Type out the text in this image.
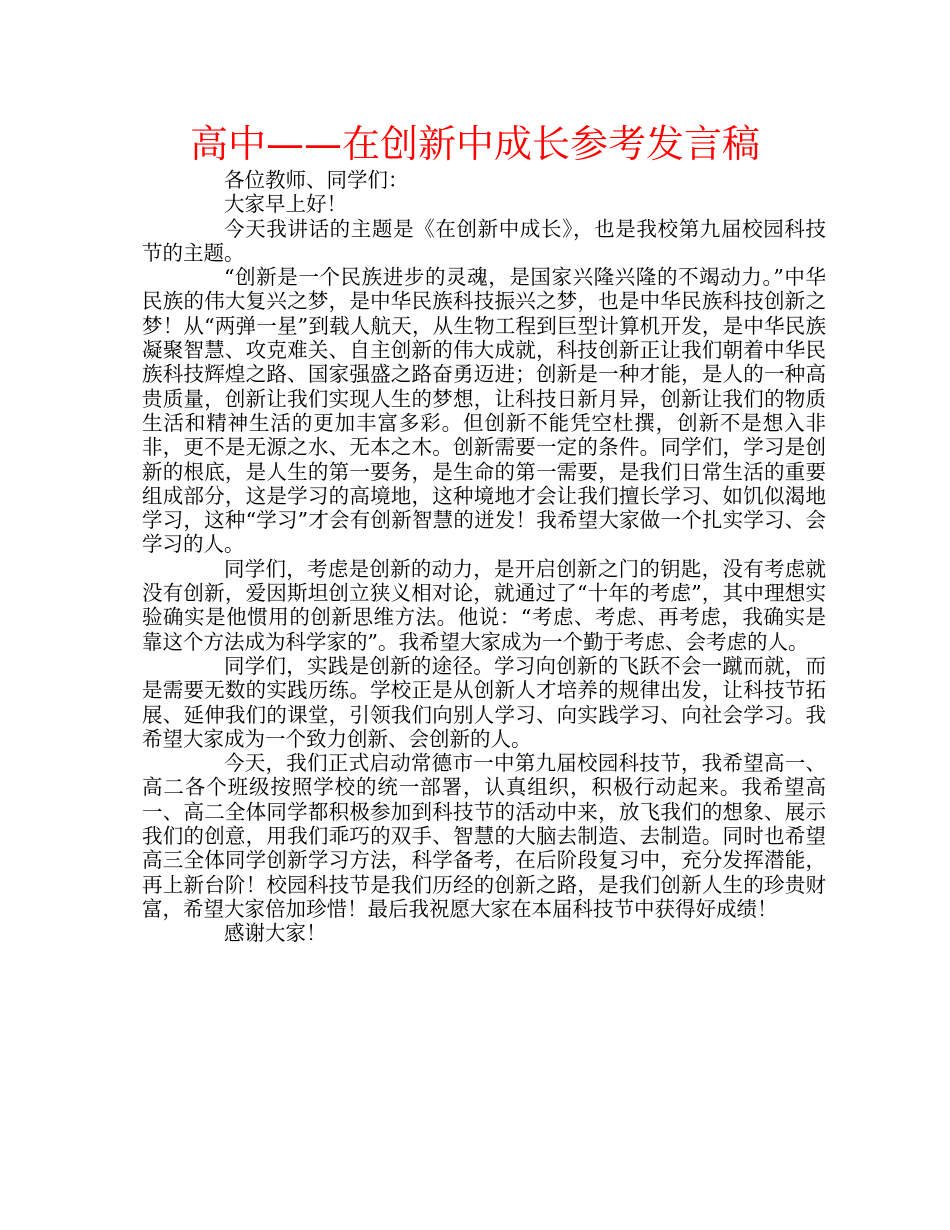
高中——在创新中成长参考发言稿

各位教师、同学们：

大家早上好！

今天我讲话的主题是《在创新中成长》，也是我校第九届校园科技节的主题。

“创新是一个民族进步的灵魂，是国家兴隆兴隆的不竭动力。”中华民族的伟大复兴之梦，是中华民族科技振兴之梦，也是中华民族科技创新之梦！从“两弹一星”到载人航天，从生物工程到巨型计算机开发，是中华民族凝聚智慧、攻克难关、自主创新的伟大成就，科技创新正让我们朝着中华民族科技辉煌之路、国家强盛之路奋勇迈进；创新是一种才能，是人的一种高贵质量，创新让我们实现人生的梦想，让科技日新月异，创新让我们的物质生活和精神生活的更加丰富多彩。但创新不能凭空杜撰，创新不是想入非非，更不是无源之水、无本之木。创新需要一定的条件。同学们，学习是创新的根底，是人生的第一要务，是生命的第一需要，是我们日常生活的重要组成部分，这是学习的高境地，这种境地才会让我们擅长学习、如饥似渴地学习，这种“学习”才会有创新智慧的迸发！我希望大家做一个扎实学习、会学习的人。

同学们，考虑是创新的动力，是开启创新之门的钥匙，没有考虑就没有创新，爱因斯坦创立狭义相对论，就通过了“十年的考虑”，其中理想实验确实是他惯用的创新思维方法。他说：“考虑、考虑、再考虑，我确实是靠这个方法成为科学家的”。我希望大家成为一个勤于考虑、会考虑的人。

同学们，实践是创新的途径。学习向创新的飞跃不会一蹴而就，而是需要无数的实践历练。学校正是从创新人才培养的规律出发，让科技节拓展、延伸我们的课堂，引领我们向别人学习、向实践学习、向社会学习。我希望大家成为一个致力创新、会创新的人。

今天，我们正式启动常德市一中第九届校园科技节，我希望高一、高二各个班级按照学校的统一部署，认真组织，积极行动起来。我希望高一、高二全体同学都积极参加到科技节的活动中来，放飞我们的想象、展示我们的创意，用我们乖巧的双手、智慧的大脑去制造、去制造。同时也希望高三全体同学创新学习方法，科学备考，在后阶段复习中，充分发挥潜能，再上新台阶！校园科技节是我们历经的创新之路，是我们创新人生的珍贵财富，希望大家倍加珍惜！最后我祝愿大家在本届科技节中获得好成绩！

感谢大家！
